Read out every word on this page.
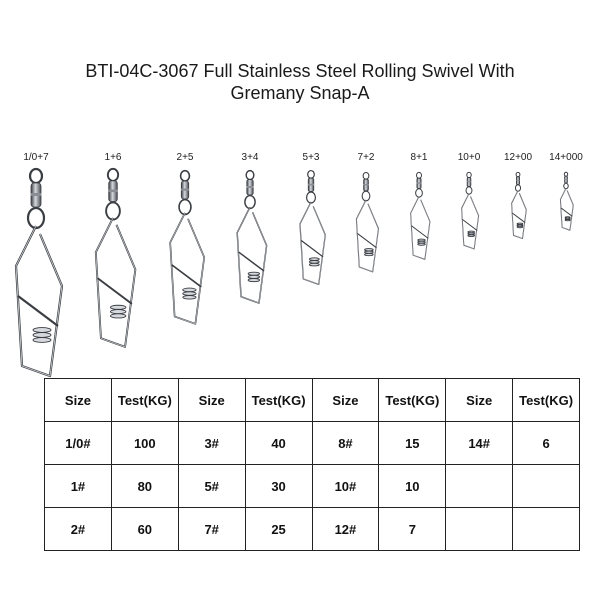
BTI-04C-3067 Full Stainless Steel Rolling Swivel With
Gremany Snap-A
1/0+7	1+6	2+5	3+4	5+3	7+2	8+1	10+0 12+00 14+000
Size	Test(KG)	Size	Test(KG)	Size	Test(KG)	Size	Test(KG)
1/0#	100	3#	40	8#	15	14#	6
1#	80	5#	30	10#	10		
2#	60	7#	25	12#	7		
